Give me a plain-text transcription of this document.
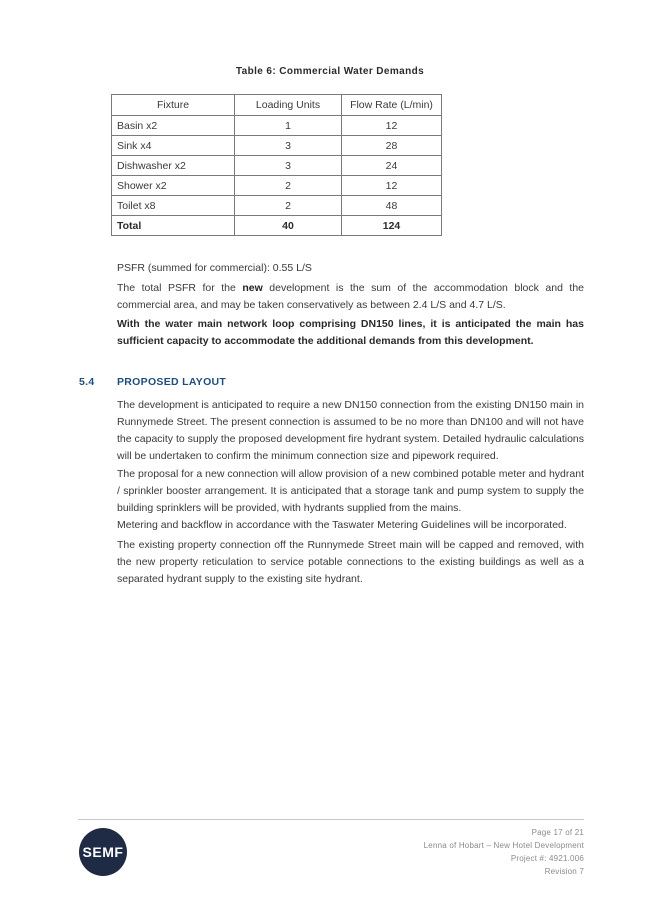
Table 6: Commercial Water Demands
Fixture	Loading Units	Flow Rate (L/min)
Basin x2	1	12
Sink x4	3	28
Dishwasher x2	3	24
Shower x2	2	12
Toilet x8	2	48
Total	40	124
PSFR (summed for commercial): 0.55 L/S
The total PSFR for the new development is the sum of the accommodation block and the commercial area, and may be taken conservatively as between 2.4 L/S and 4.7 L/S.
With the water main network loop comprising DN150 lines, it is anticipated the main has sufficient capacity to accommodate the additional demands from this development.
5.4 PROPOSED LAYOUT
The development is anticipated to require a new DN150 connection from the existing DN150 main in Runnymede Street. The present connection is assumed to be no more than DN100 and will not have the capacity to supply the proposed development fire hydrant system. Detailed hydraulic calculations will be undertaken to confirm the minimum connection size and pipework required.
The proposal for a new connection will allow provision of a new combined potable meter and hydrant / sprinkler booster arrangement. It is anticipated that a storage tank and pump system to supply the building sprinklers will be provided, with hydrants supplied from the mains.
Metering and backflow in accordance with the Taswater Metering Guidelines will be incorporated.
The existing property connection off the Runnymede Street main will be capped and removed, with the new property reticulation to service potable connections to the existing buildings as well as a separated hydrant supply to the existing site hydrant.
SEMF
Page 17 of 21
Lenna of Hobart – New Hotel Development
Project #: 4921.006
Revision 7
